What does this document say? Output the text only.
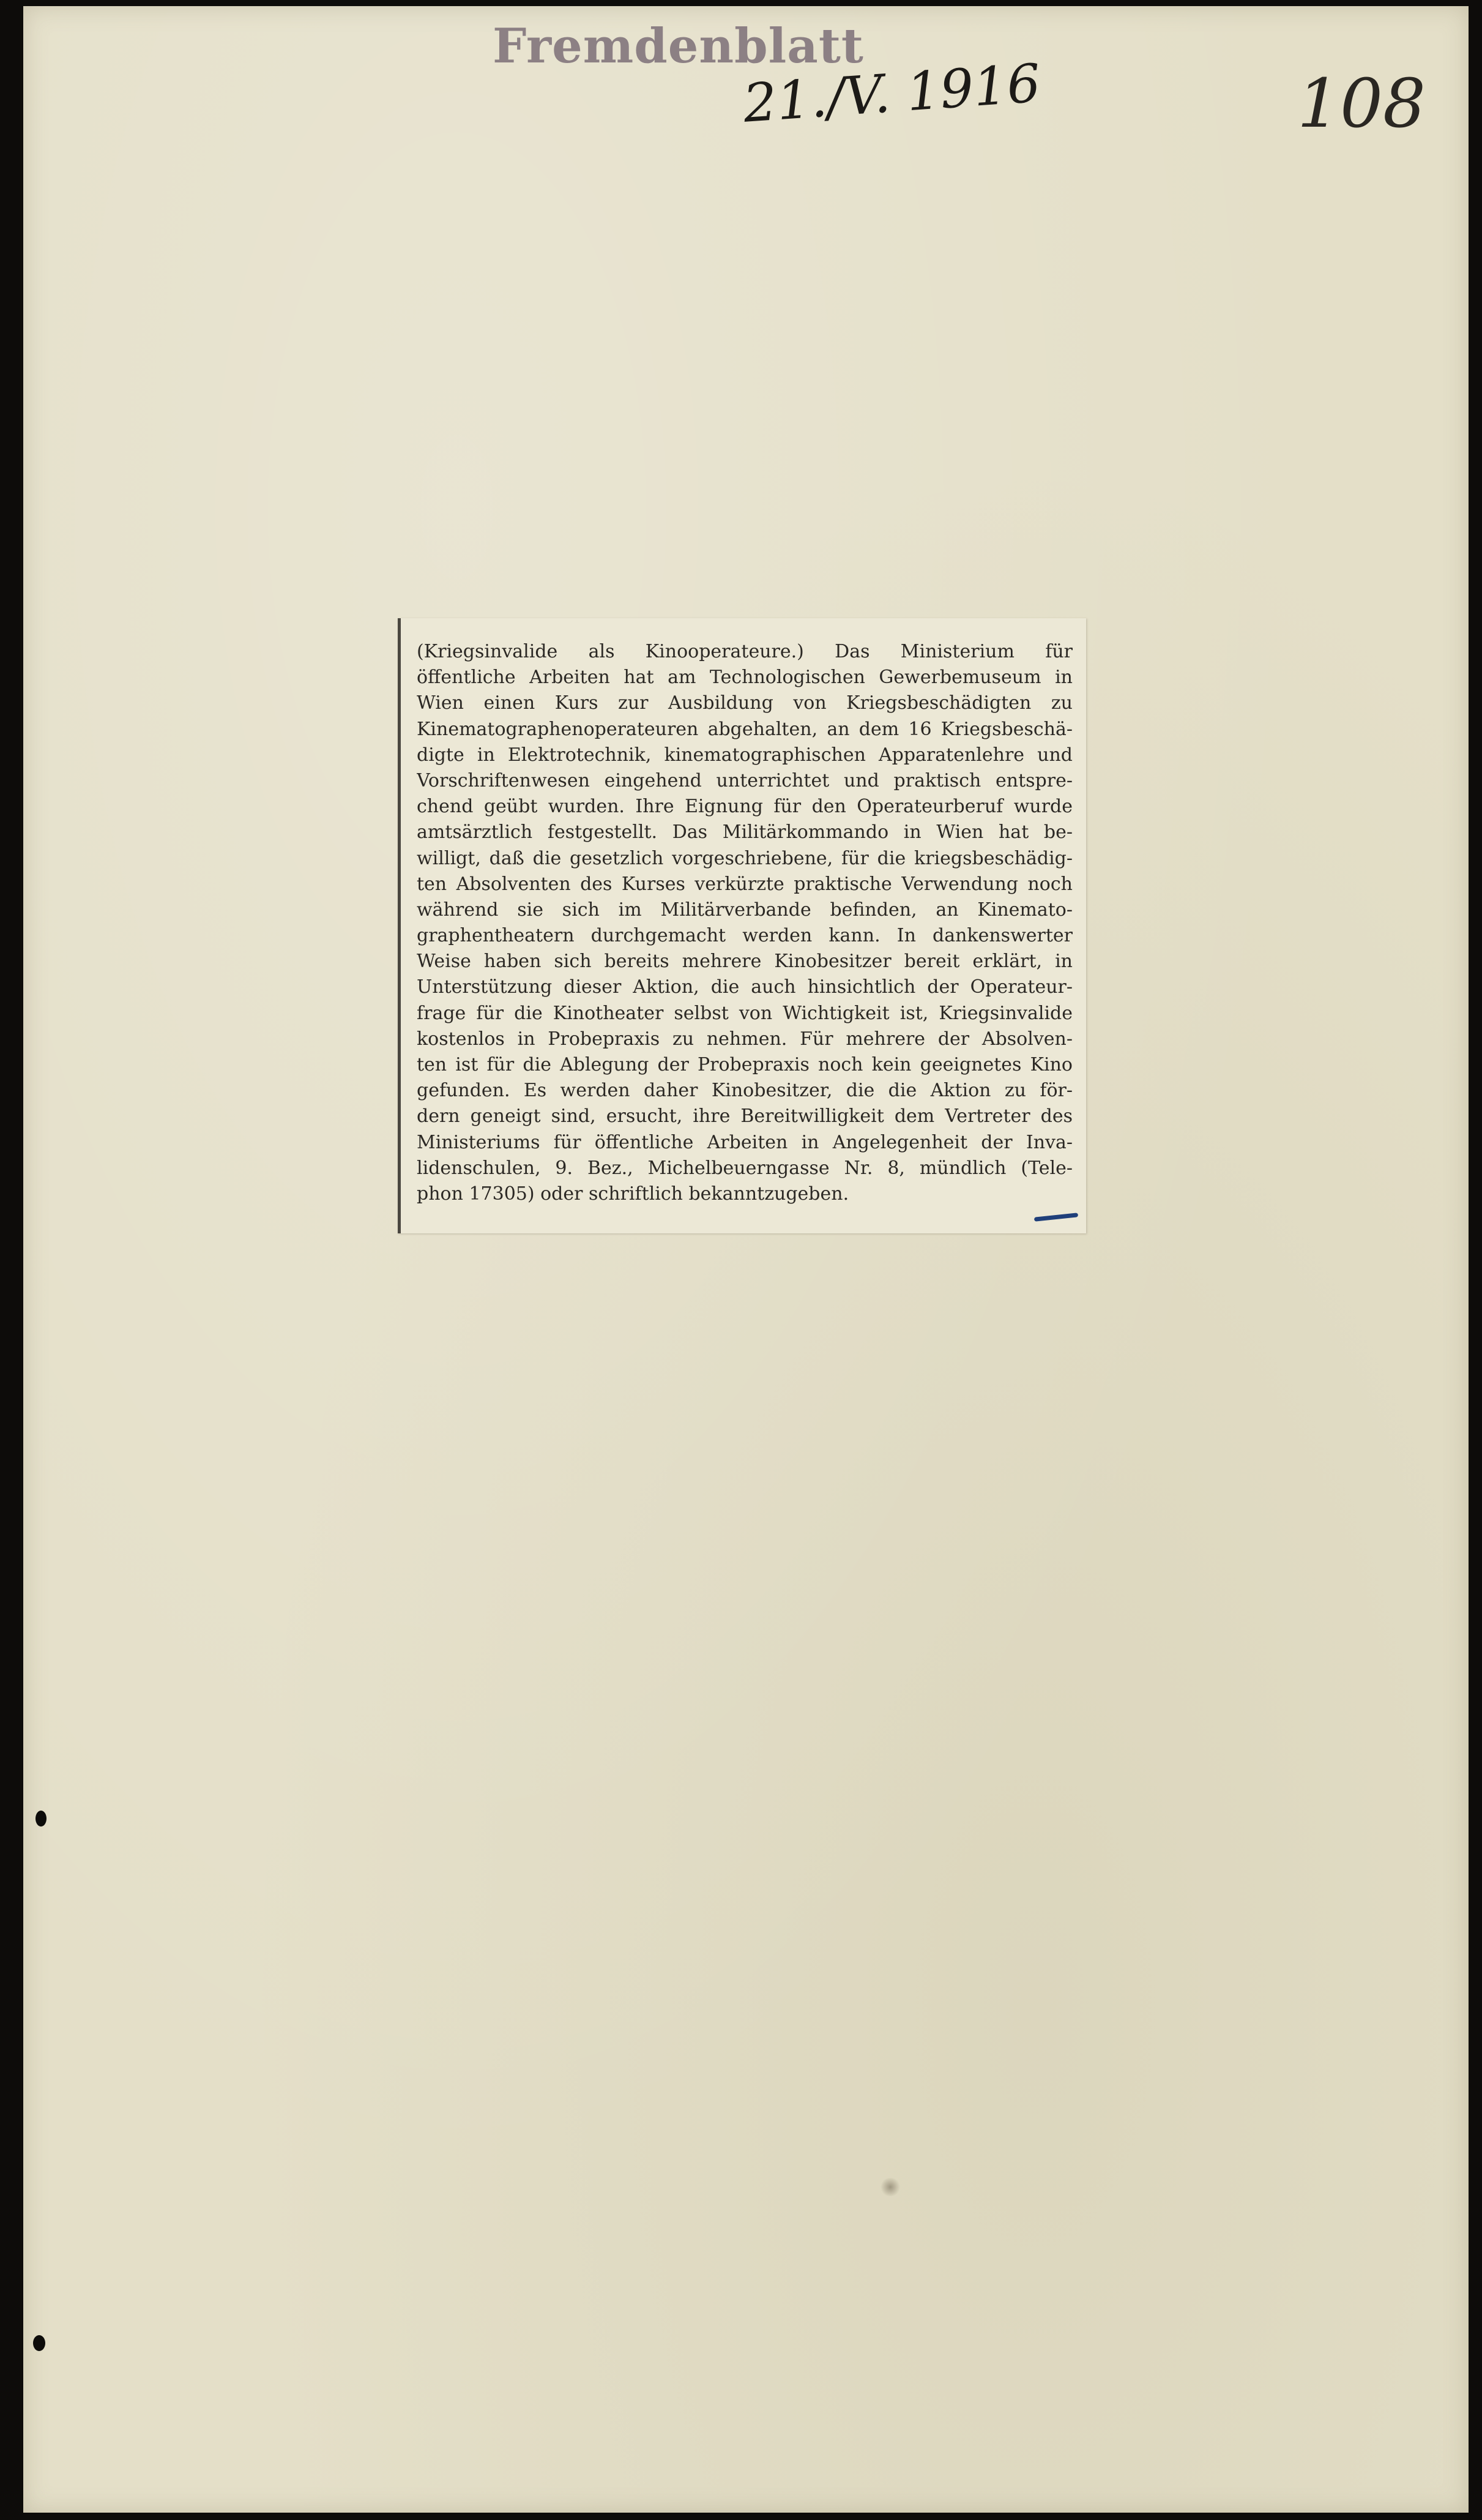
Fremdenblatt
21./V. 1916	108
(Kriegsinvalide als Kinooperateure.) Das Ministerium für
öffentliche Arbeiten hat am Technologischen Gewerbemuseum in
Wien einen Kurs zur Ausbildung von Kriegsbeschädigten zu
Kinematographenoperateuren abgehalten, an dem 16 Kriegsbeschä-
digte in Elektrotechnik, kinematographischen Apparatenlehre und
Vorschriftenwesen eingehend unterrichtet und praktisch entspre-
chend geübt wurden. Ihre Eignung für den Operateurberuf wurde
amtsärztlich festgestellt. Das Militärkommando in Wien hat be-
willigt, daß die gesetzlich vorgeschriebene, für die kriegsbeschädig-
ten Absolventen des Kurses verkürzte praktische Verwendung noch
während sie sich im Militärverbande befinden, an Kinemato-
graphentheatern durchgemacht werden kann. In dankenswerter
Weise haben sich bereits mehrere Kinobesitzer bereit erklärt, in
Unterstützung dieser Aktion, die auch hinsichtlich der Operateur-
frage für die Kinotheater selbst von Wichtigkeit ist, Kriegsinvalide
kostenlos in Probepraxis zu nehmen. Für mehrere der Absolven-
ten ist für die Ablegung der Probepraxis noch kein geeignetes Kino
gefunden. Es werden daher Kinobesitzer, die die Aktion zu för-
dern geneigt sind, ersucht, ihre Bereitwilligkeit dem Vertreter des
Ministeriums für öffentliche Arbeiten in Angelegenheit der Inva-
lidenschulen, 9. Bez., Michelbeuerngasse Nr. 8, mündlich (Tele-
phon 17305) oder schriftlich bekanntzugeben.
